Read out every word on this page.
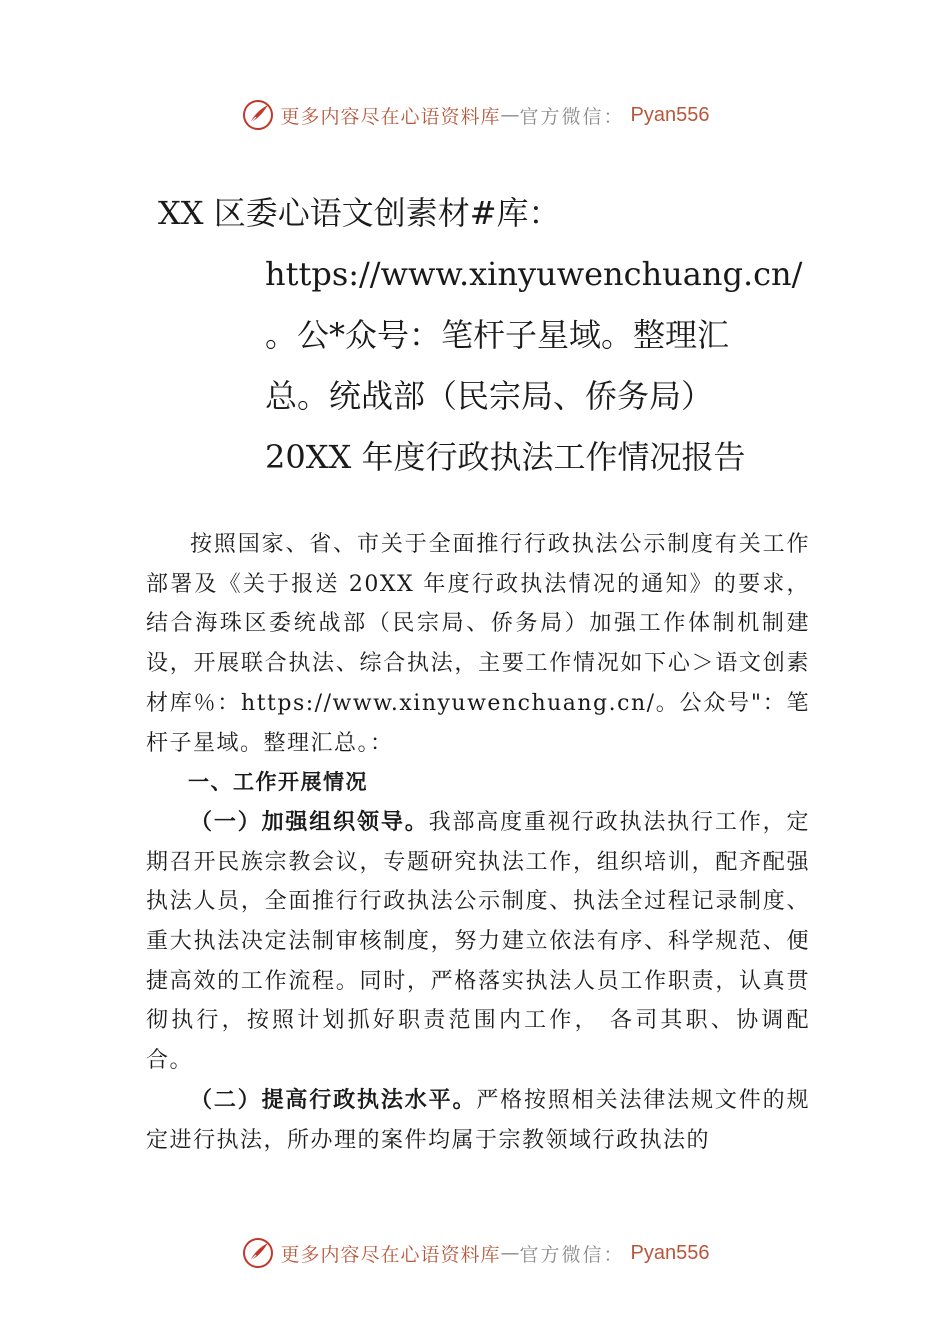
更多内容尽在心语资料库 — 官方微信： Pyan556
XX 区委心语文创素材#库：
https://www.xinyuwenchuang.cn/
。公*众号：笔杆子星域。整理汇
总。统战部（民宗局、侨务局）
20XX 年度行政执法工作情况报告

按照国家、省、市关于全面推行行政执法公示制度有关工作部署及《关于报送 20XX 年度行政执法情况的通知》的要求，结合海珠区委统战部（民宗局、侨务局）加强工作体制机制建设，开展联合执法、综合执法，主要工作情况如下心＞语文创素材库％：https://www.xinyuwenchuang.cn/。公众号"：笔杆子星域。整理汇总。：

一、工作开展情况

（一）加强组织领导。我部高度重视行政执法执行工作，定期召开民族宗教会议，专题研究执法工作，组织培训，配齐配强执法人员，全面推行行政执法公示制度、执法全过程记录制度、重大执法决定法制审核制度，努力建立依法有序、科学规范、便捷高效的工作流程。同时，严格落实执法人员工作职责，认真贯彻执行，按照计划抓好职责范围内工作， 各司其职、协调配合。

（二）提高行政执法水平。严格按照相关法律法规文件的规定进行执法，所办理的案件均属于宗教领域行政执法的

更多内容尽在心语资料库 — 官方微信： Pyan556
